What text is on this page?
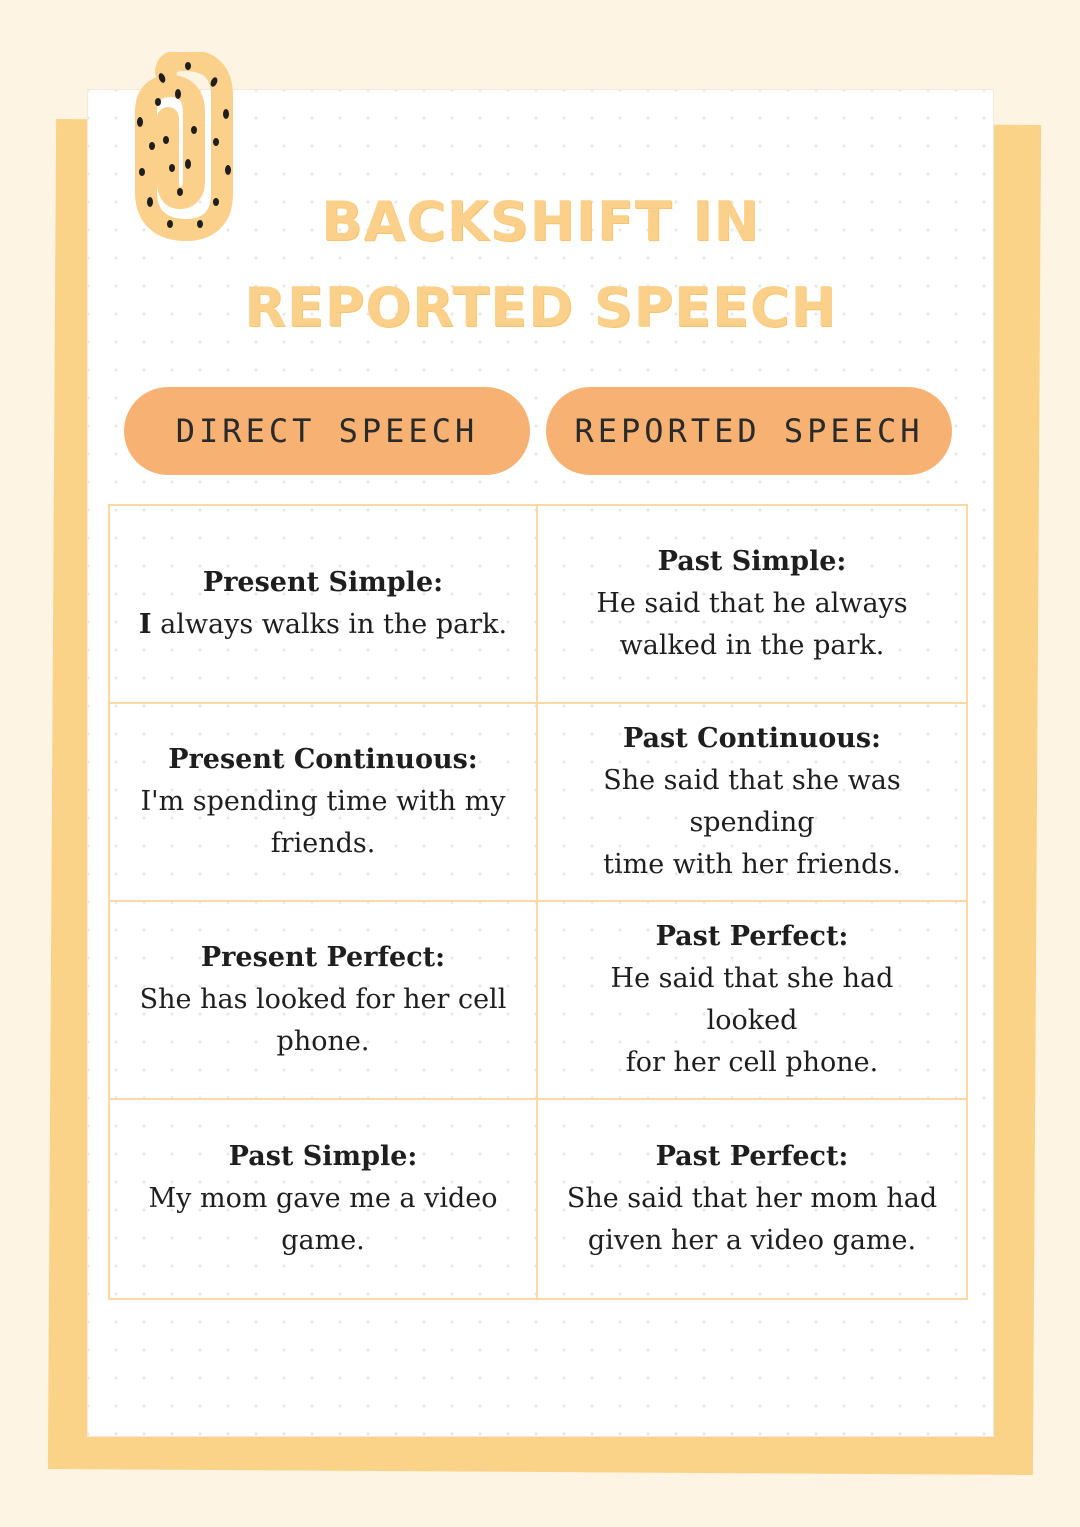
BACKSHIFT IN
REPORTED SPEECH
DIRECT SPEECH	REPORTED SPEECH
Present Simple:
I always walks in the park.
Past Simple:
He said that he always
walked in the park.
Present Continuous:
I'm spending time with my
friends.
Past Continuous:
She said that she was spending
time with her friends.
Present Perfect:
She has looked for her cell
phone.
Past Perfect:
He said that she had looked
for her cell phone.
Past Simple:
My mom gave me a video
game.
Past Perfect:
She said that her mom had
given her a video game.
